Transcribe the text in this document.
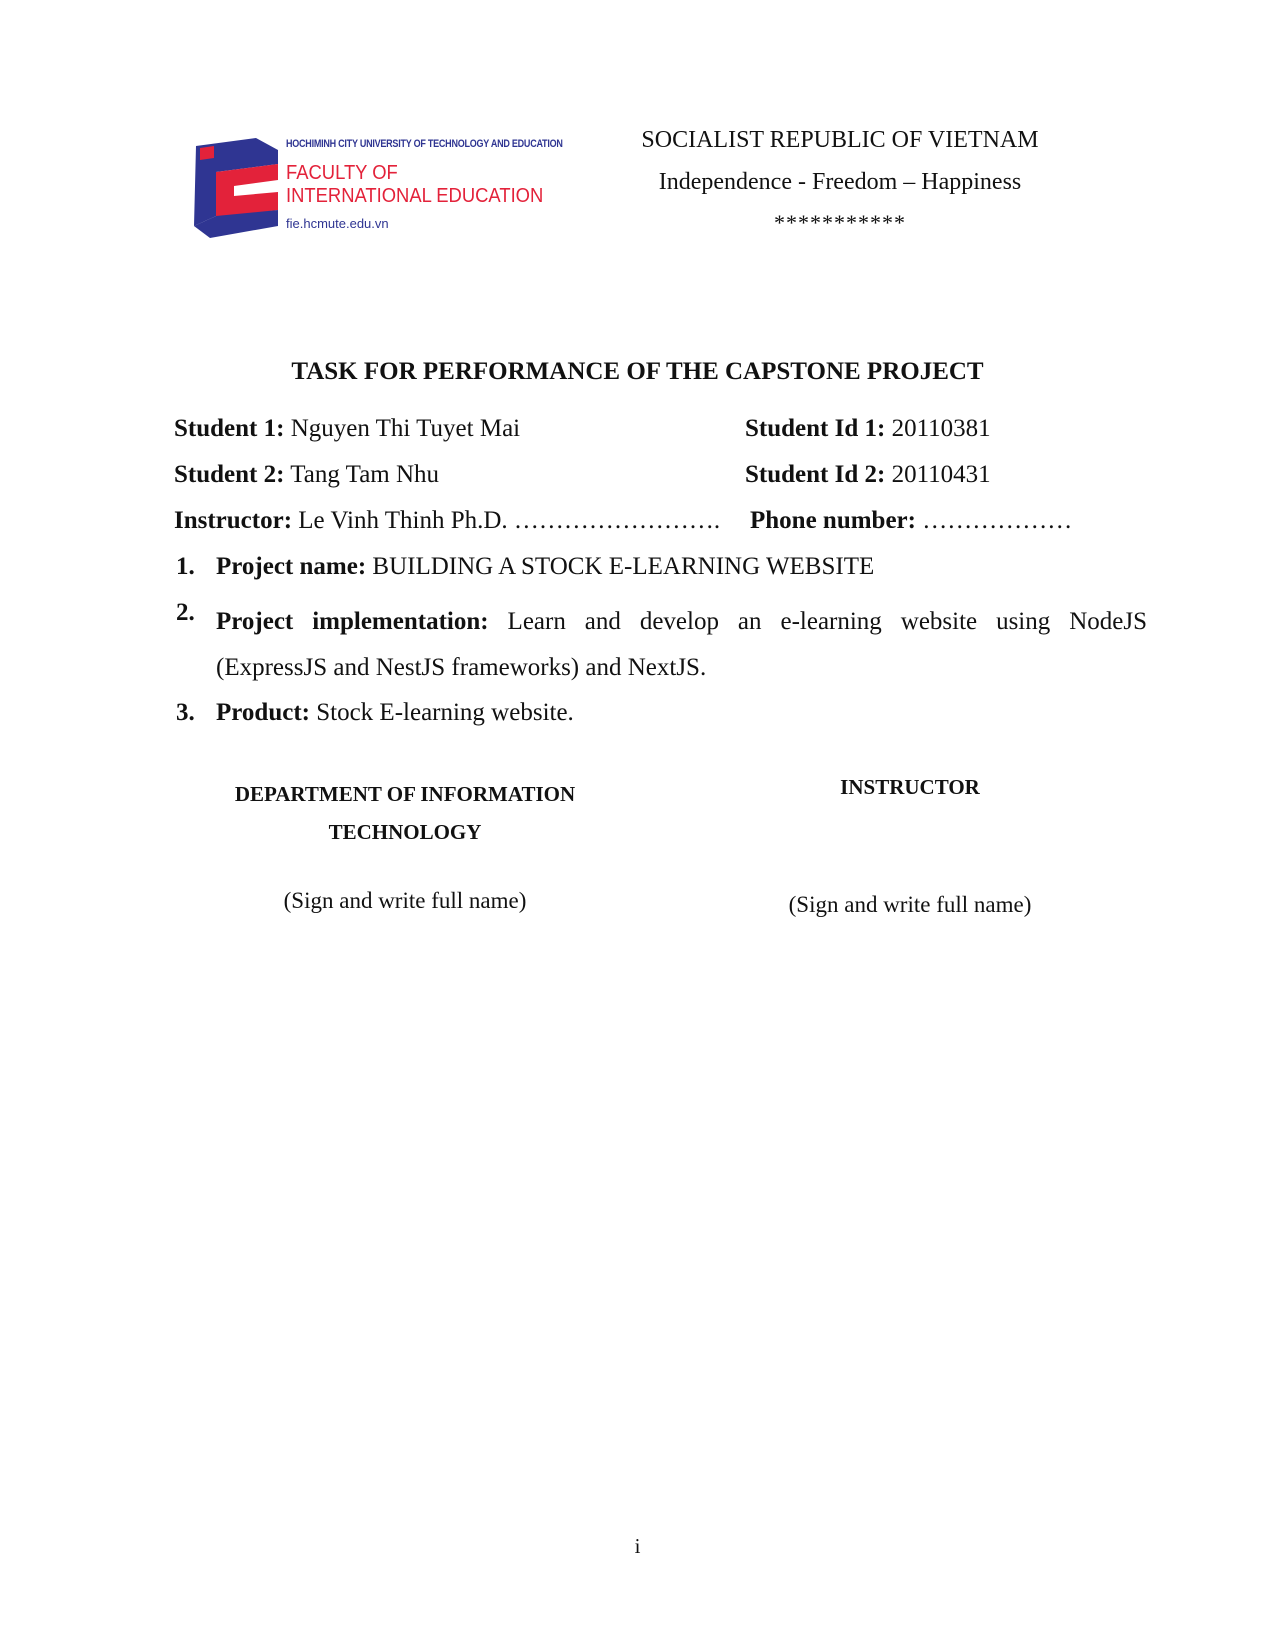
HOCHIMINH CITY UNIVERSITY OF TECHNOLOGY AND EDUCATION
FACULTY OF
INTERNATIONAL EDUCATION
fie.hcmute.edu.vn
SOCIALIST REPUBLIC OF VIETNAM
Independence - Freedom – Happiness
***********
TASK FOR PERFORMANCE OF THE CAPSTONE PROJECT
Student 1: Nguyen Thi Tuyet Mai	Student Id 1: 20110381
Student 2: Tang Tam Nhu	Student Id 2: 20110431
Instructor: Le Vinh Thinh Ph.D. ……………………. Phone number: ………………
1. Project name: BUILDING A STOCK E-LEARNING WEBSITE
2. Project implementation: Learn and develop an e-learning website using NodeJS (ExpressJS and NestJS frameworks) and NextJS.
3. Product: Stock E-learning website.
DEPARTMENT OF INFORMATION
TECHNOLOGY
INSTRUCTOR
(Sign and write full name)	(Sign and write full name)
i
